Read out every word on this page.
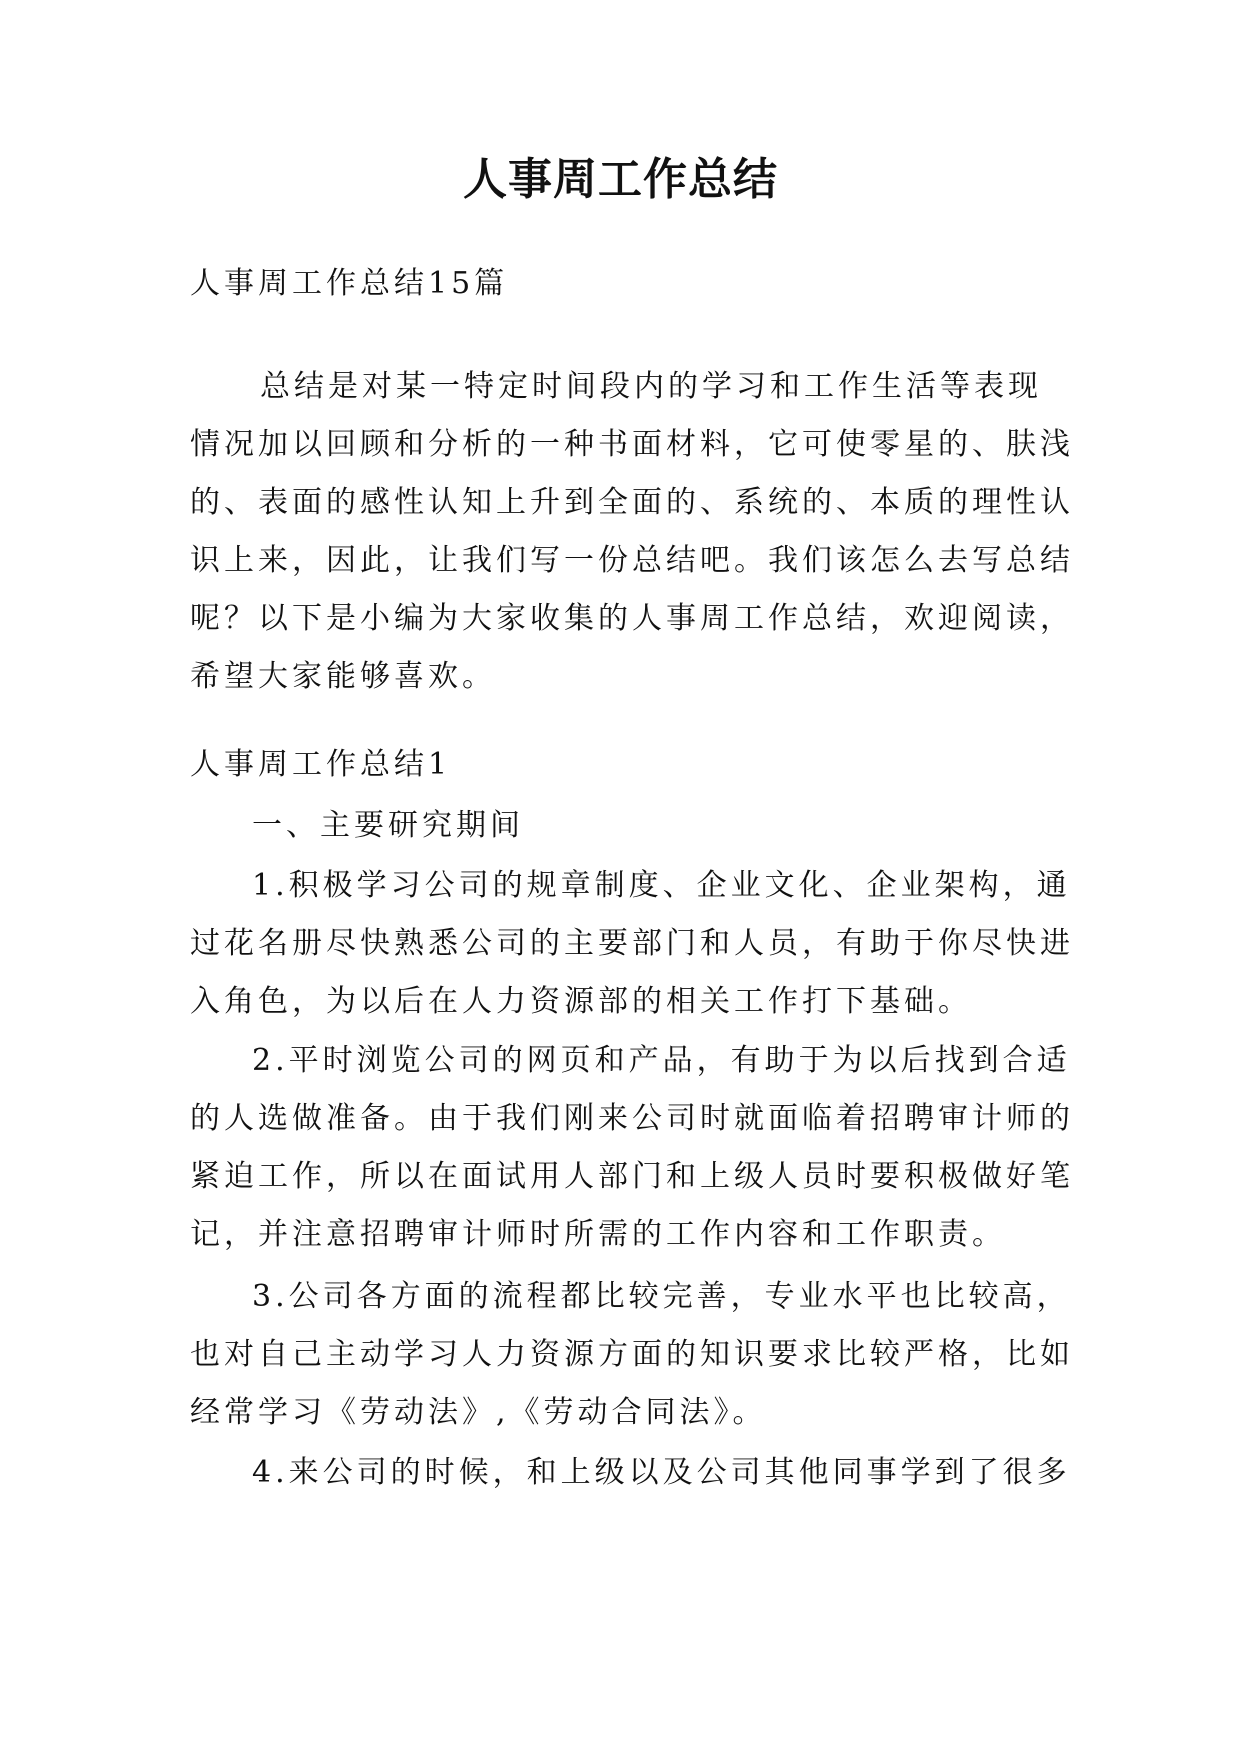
人事周工作总结

人事周工作总结15篇

总结是对某一特定时间段内的学习和工作生活等表现
情况加以回顾和分析的一种书面材料，它可使零星的、肤浅
的、表面的感性认知上升到全面的、系统的、本质的理性认
识上来，因此，让我们写一份总结吧。我们该怎么去写总结
呢？以下是小编为大家收集的人事周工作总结，欢迎阅读，
希望大家能够喜欢。

人事周工作总结1

一、主要研究期间

1.积极学习公司的规章制度、企业文化、企业架构，通
过花名册尽快熟悉公司的主要部门和人员，有助于你尽快进
入角色，为以后在人力资源部的相关工作打下基础。

2.平时浏览公司的网页和产品，有助于为以后找到合适
的人选做准备。由于我们刚来公司时就面临着招聘审计师的
紧迫工作，所以在面试用人部门和上级人员时要积极做好笔
记，并注意招聘审计师时所需的工作内容和工作职责。

3.公司各方面的流程都比较完善，专业水平也比较高，
也对自己主动学习人力资源方面的知识要求比较严格，比如
经常学习《劳动法》,《劳动合同法》。

4.来公司的时候，和上级以及公司其他同事学到了很多
